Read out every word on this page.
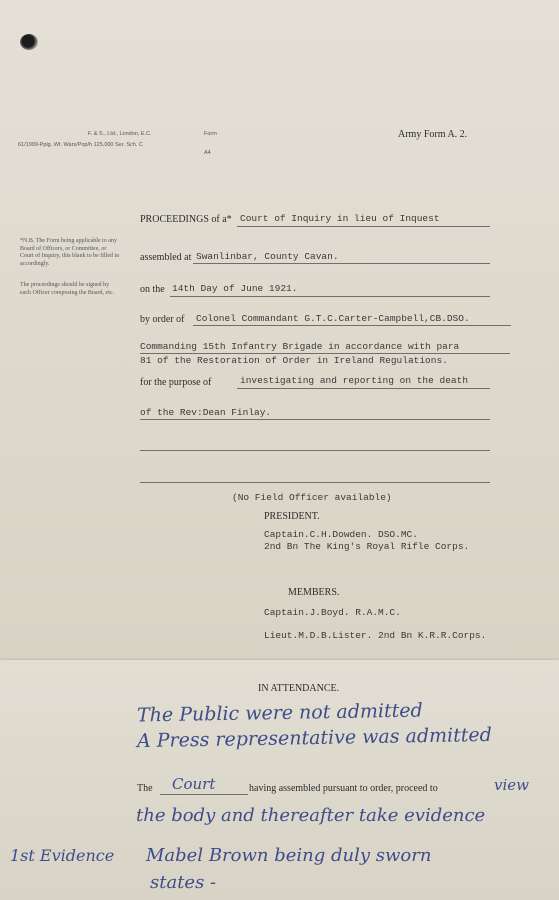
F. & S., Ltd., London, E.C.
61/1999-Pplg. Wt. Wars/Pop/h 125,000 Ser. Sch. C
Form
A4
Army Form A. 2.
*N.B. The Form being applicable to any Board of Officers, or Committee, or Court of Inquiry, this blank to be filled in accordingly.
The proceedings should be signed by each Officer composing the Board, etc.
PROCEEDINGS of a* Court of Inquiry in lieu of Inquest
assembled at Swanlinbar, County Cavan.
on the 14th Day of June 1921.
by order of Colonel Commandant G.T.C.Carter-Campbell,CB.DSO.
Commanding 15th Infantry Brigade in accordance with para
81 of the Restoration of Order in Ireland Regulations.
for the purpose of	investigating and reporting on the death
of the Rev:Dean Finlay.
(No Field Officer available)
PRESIDENT.
Captain.C.H.Dowden. DSO.MC.
2nd Bn The King's Royal Rifle Corps.
MEMBERS.
Captain.J.Boyd. R.A.M.C.
Lieut.M.D.B.Lister. 2nd Bn K.R.R.Corps.
IN ATTENDANCE.
The Public were not admitted
A Press representative was admitted
The Court	having assembled pursuant to order, proceed to	view
the body and thereafter take evidence
1st Evidence Mabel Brown being duly sworn
states -
